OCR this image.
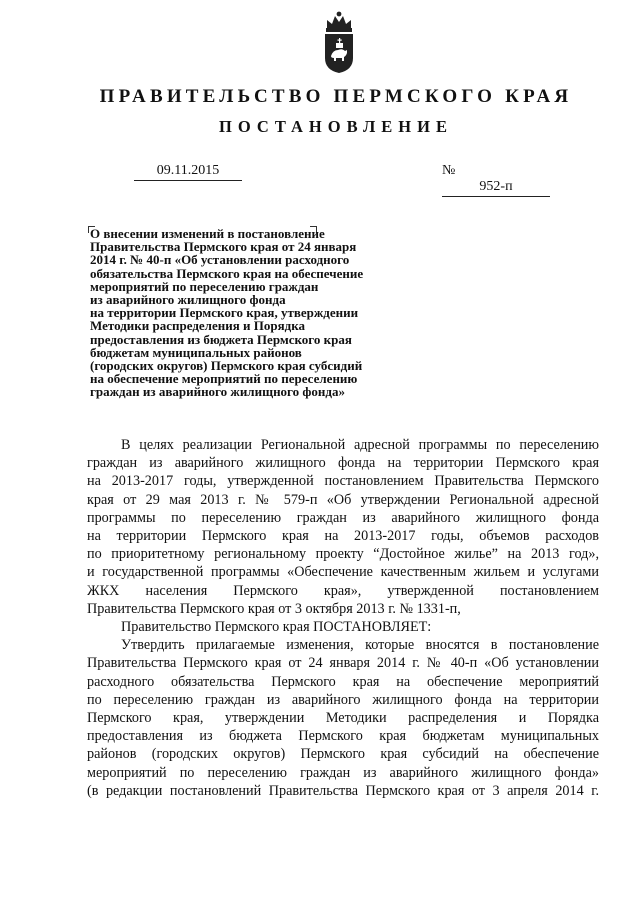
ПРАВИТЕЛЬСТВО ПЕРМСКОГО КРАЯ
ПОСТАНОВЛЕНИЕ
09.11.2015	№ 952-п
О внесении изменений в постановление
Правительства Пермского края от 24 января
2014 г. № 40-п «Об установлении расходного
обязательства Пермского края на обеспечение
мероприятий по переселению граждан
из аварийного жилищного фонда
на территории Пермского края, утверждении
Методики распределения и Порядка
предоставления из бюджета Пермского края
бюджетам муниципальных районов
(городских округов) Пермского края субсидий
на обеспечение мероприятий по переселению
граждан из аварийного жилищного фонда»
В целях реализации Региональной адресной программы по переселению
граждан из аварийного жилищного фонда на территории Пермского края
на 2013-2017 годы, утвержденной постановлением Правительства Пермского
края от 29 мая 2013 г. № 579-п «Об утверждении Региональной адресной
программы по переселению граждан из аварийного жилищного фонда
на территории Пермского края на 2013-2017 годы, объемов расходов
по приоритетному региональному проекту “Достойное жилье” на 2013 год»,
и государственной программы «Обеспечение качественным жильем и услугами
ЖКХ населения Пермского края», утвержденной постановлением
Правительства Пермского края от 3 октября 2013 г. № 1331-п,
Правительство Пермского края ПОСТАНОВЛЯЕТ:
Утвердить прилагаемые изменения, которые вносятся в постановление
Правительства Пермского края от 24 января 2014 г. № 40-п «Об установлении
расходного обязательства Пермского края на обеспечение мероприятий
по переселению граждан из аварийного жилищного фонда на территории
Пермского края, утверждении Методики распределения и Порядка
предоставления из бюджета Пермского края бюджетам муниципальных
районов (городских округов) Пермского края субсидий на обеспечение
мероприятий по переселению граждан из аварийного жилищного фонда»
(в редакции постановлений Правительства Пермского края от 3 апреля 2014 г.
